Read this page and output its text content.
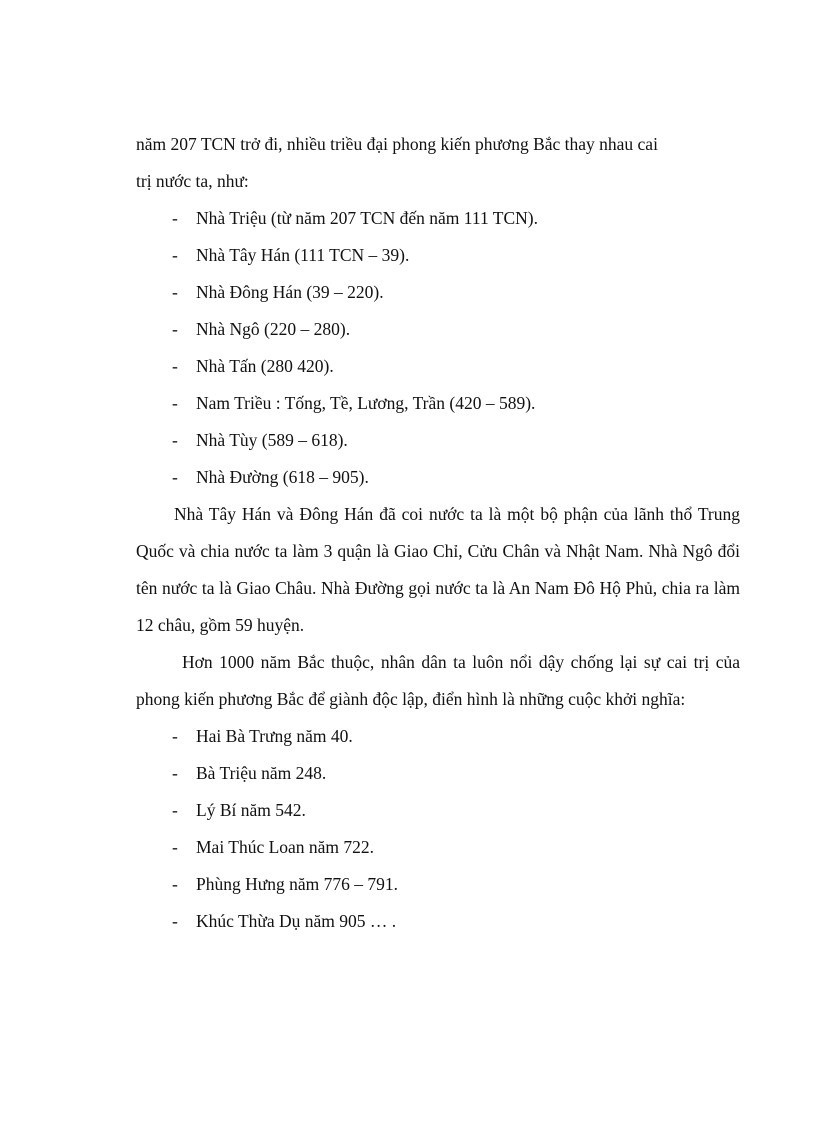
năm 207 TCN trở đi, nhiều triều đại phong kiến phương Bắc thay nhau cai
trị nước ta, như:
- Nhà Triệu (từ năm 207 TCN đến năm 111 TCN).
- Nhà Tây Hán (111 TCN – 39).
- Nhà Đông Hán (39 – 220).
- Nhà Ngô (220 – 280).
- Nhà Tấn (280 420).
- Nam Triều : Tống, Tề, Lương, Trần (420 – 589).
- Nhà Tùy (589 – 618).
- Nhà Đường (618 – 905).
Nhà Tây Hán và Đông Hán đã coi nước ta là một bộ phận của lãnh thổ Trung Quốc và chia nước ta làm 3 quận là Giao Chỉ, Cửu Chân và Nhật Nam. Nhà Ngô đổi tên nước ta là Giao Châu. Nhà Đường gọi nước ta là An Nam Đô Hộ Phủ, chia ra làm 12 châu, gồm 59 huyện.
Hơn 1000 năm Bắc thuộc, nhân dân ta luôn nổi dậy chống lại sự cai trị của phong kiến phương Bắc để giành độc lập, điển hình là những cuộc khởi nghĩa:
- Hai Bà Trưng năm 40.
- Bà Triệu năm 248.
- Lý Bí năm 542.
- Mai Thúc Loan năm 722.
- Phùng Hưng năm 776 – 791.
- Khúc Thừa Dụ năm 905 … .
